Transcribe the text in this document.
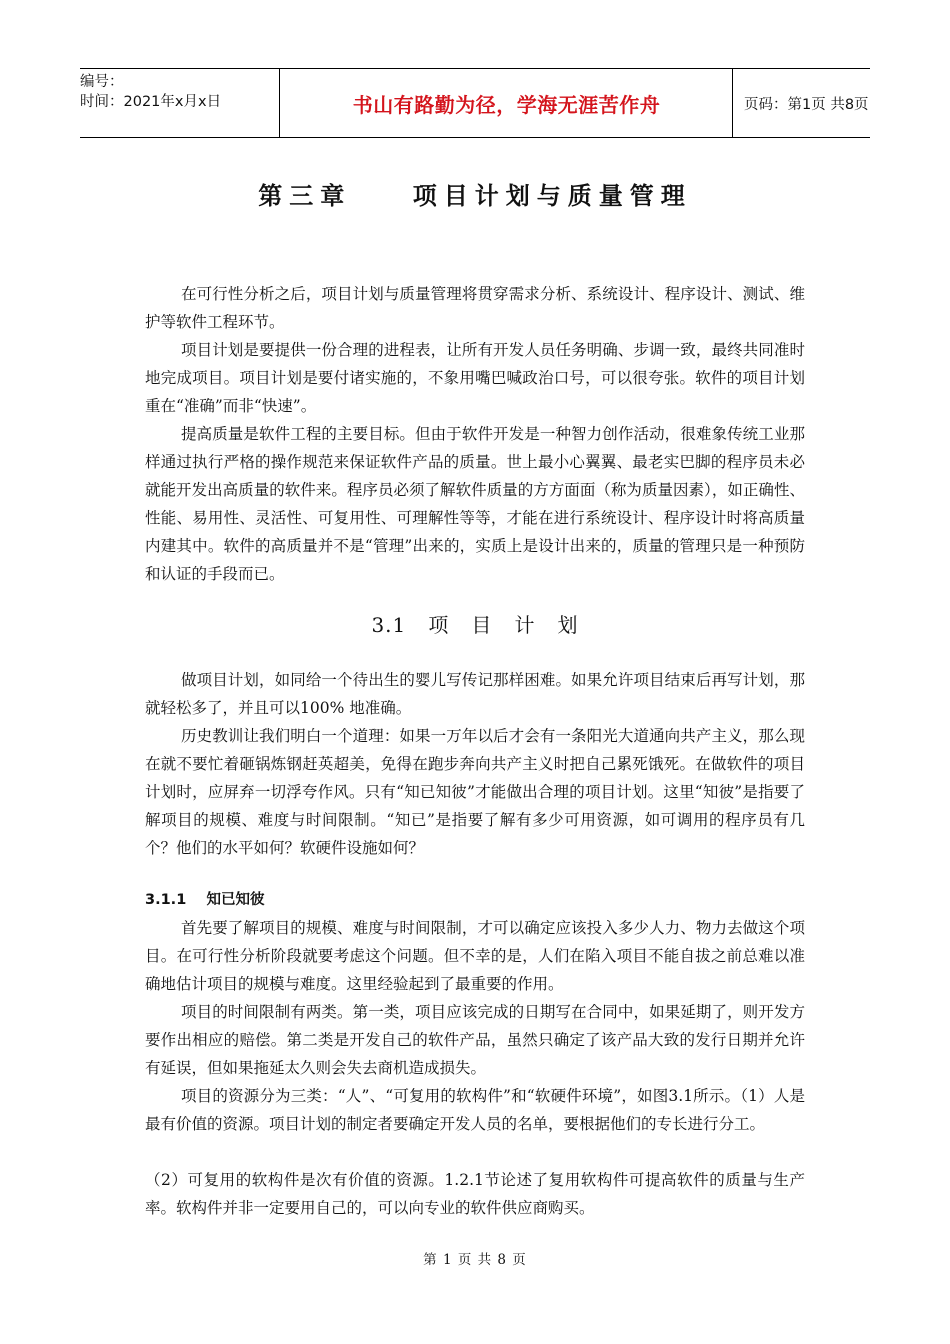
编号：
时间：2021年x月x日	书山有路勤为径，学海无涯苦作舟	页码：第1页 共8页
第三章    项目计划与质量管理

在可行性分析之后，项目计划与质量管理将贯穿需求分析、系统设计、程序设计、测试、维护等软件工程环节。

项目计划是要提供一份合理的进程表，让所有开发人员任务明确、步调一致，最终共同准时地完成项目。项目计划是要付诸实施的，不象用嘴巴喊政治口号，可以很夸张。软件的项目计划重在“准确”而非“快速”。

提高质量是软件工程的主要目标。但由于软件开发是一种智力创作活动，很难象传统工业那样通过执行严格的操作规范来保证软件产品的质量。世上最小心翼翼、最老实巴脚的程序员未必就能开发出高质量的软件来。程序员必须了解软件质量的方方面面（称为质量因素），如正确性、性能、易用性、灵活性、可复用性、可理解性等等，才能在进行系统设计、程序设计时将高质量内建其中。软件的高质量并不是“管理”出来的，实质上是设计出来的，质量的管理只是一种预防和认证的手段而已。

3.1   项   目   计   划

做项目计划，如同给一个待出生的婴儿写传记那样困难。如果允许项目结束后再写计划，那就轻松多了，并且可以100% 地准确。

历史教训让我们明白一个道理：如果一万年以后才会有一条阳光大道通向共产主义，那么现在就不要忙着砸锅炼钢赶英超美，免得在跑步奔向共产主义时把自己累死饿死。在做软件的项目计划时，应屏弃一切浮夸作风。只有“知已知彼”才能做出合理的项目计划。这里“知彼”是指要了解项目的规模、难度与时间限制。“知已”是指要了解有多少可用资源，如可调用的程序员有几个？他们的水平如何？软硬件设施如何？

3.1.1    知已知彼

首先要了解项目的规模、难度与时间限制，才可以确定应该投入多少人力、物力去做这个项目。在可行性分析阶段就要考虑这个问题。但不幸的是，人们在陷入项目不能自拔之前总难以准确地估计项目的规模与难度。这里经验起到了最重要的作用。

项目的时间限制有两类。第一类，项目应该完成的日期写在合同中，如果延期了，则开发方要作出相应的赔偿。第二类是开发自己的软件产品，虽然只确定了该产品大致的发行日期并允许有延误，但如果拖延太久则会失去商机造成损失。

项目的资源分为三类：“人”、“可复用的软构件”和“软硬件环境”，如图3.1所示。（1）人是最有价值的资源。项目计划的制定者要确定开发人员的名单，要根据他们的专长进行分工。

（2）可复用的软构件是次有价值的资源。1.2.1节论述了复用软构件可提高软件的质量与生产率。软构件并非一定要用自己的，可以向专业的软件供应商购买。

第 1 页 共 8 页
